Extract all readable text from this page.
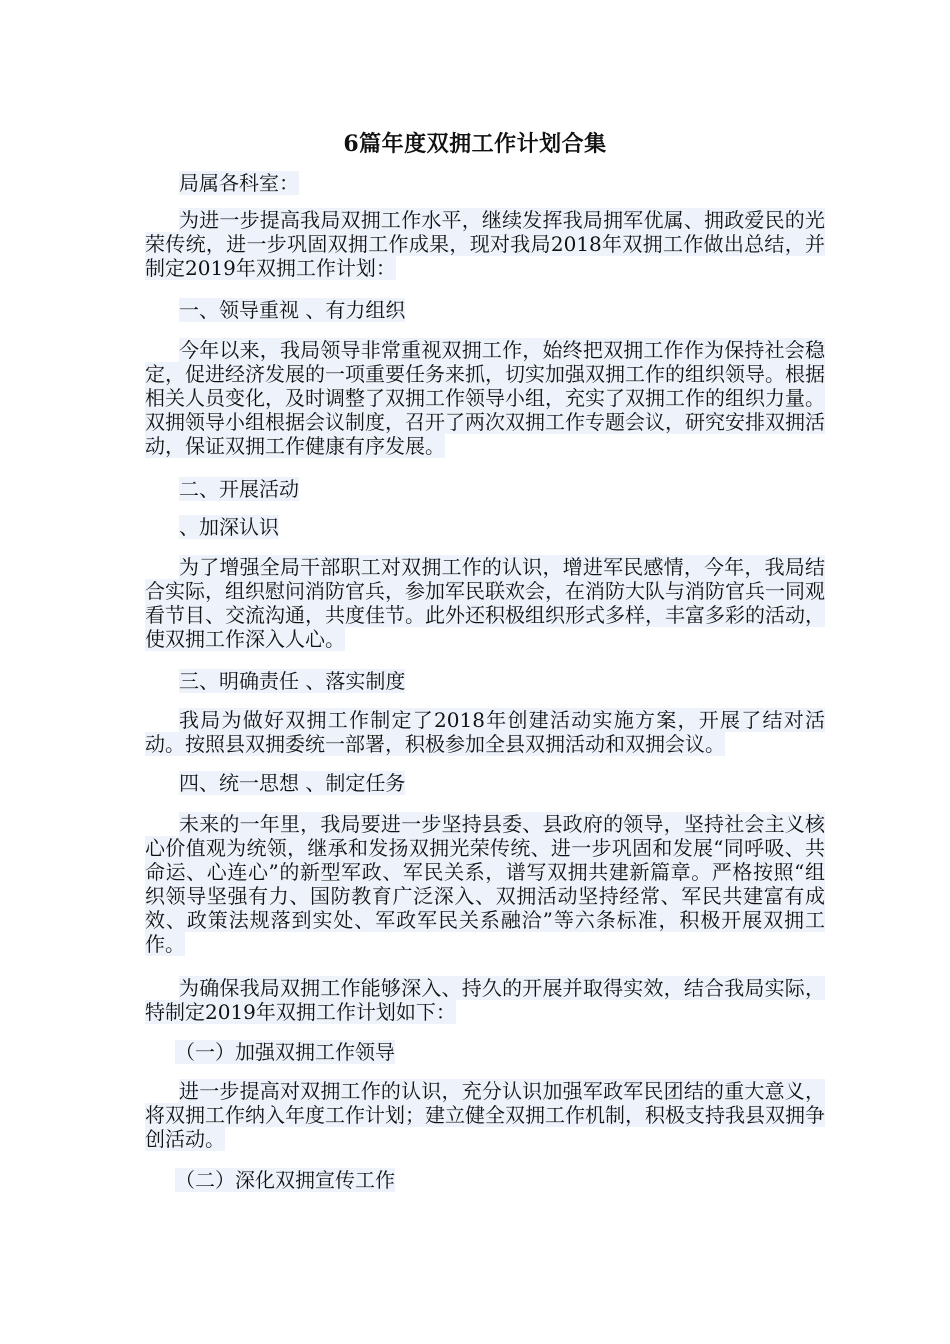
6篇年度双拥工作计划合集
局属各科室：
为进一步提高我局双拥工作水平，继续发挥我局拥军优属、拥政爱民的光荣传统，进一步巩固双拥工作成果，现对我局2018年双拥工作做出总结，并制定2019年双拥工作计划：
一、领导重视 、有力组织
今年以来，我局领导非常重视双拥工作，始终把双拥工作作为保持社会稳定，促进经济发展的一项重要任务来抓，切实加强双拥工作的组织领导。根据相关人员变化，及时调整了双拥工作领导小组，充实了双拥工作的组织力量。双拥领导小组根据会议制度，召开了两次双拥工作专题会议，研究安排双拥活动，保证双拥工作健康有序发展。
二、开展活动
、加深认识
为了增强全局干部职工对双拥工作的认识，增进军民感情，今年，我局结合实际，组织慰问消防官兵，参加军民联欢会，在消防大队与消防官兵一同观看节目、交流沟通，共度佳节。此外还积极组织形式多样，丰富多彩的活动，使双拥工作深入人心。
三、明确责任 、落实制度
我局为做好双拥工作制定了2018年创建活动实施方案，开展了结对活动。按照县双拥委统一部署，积极参加全县双拥活动和双拥会议。
四、统一思想 、制定任务
未来的一年里，我局要进一步坚持县委、县政府的领导，坚持社会主义核心价值观为统领，继承和发扬双拥光荣传统、进一步巩固和发展“同呼吸、共命运、心连心”的新型军政、军民关系，谱写双拥共建新篇章。严格按照“组织领导坚强有力、国防教育广泛深入、双拥活动坚持经常、军民共建富有成效、政策法规落到实处、军政军民关系融洽”等六条标准，积极开展双拥工作。
为确保我局双拥工作能够深入、持久的开展并取得实效，结合我局实际，特制定2019年双拥工作计划如下：
（一）加强双拥工作领导
进一步提高对双拥工作的认识，充分认识加强军政军民团结的重大意义，将双拥工作纳入年度工作计划；建立健全双拥工作机制，积极支持我县双拥争创活动。
（二）深化双拥宣传工作
